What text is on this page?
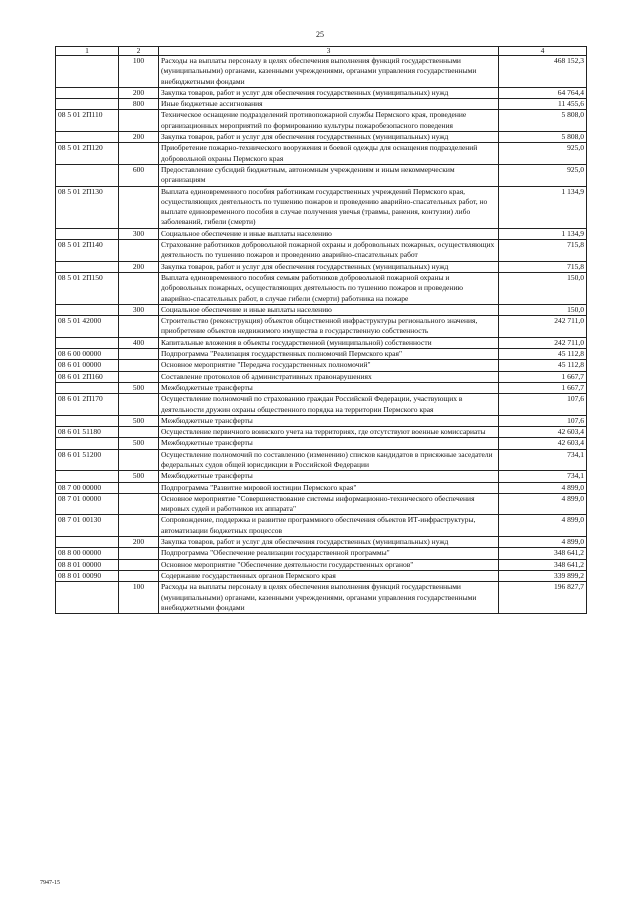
25
1	2	3	4
	100	Расходы на выплаты персоналу в целях обеспечения выполнения функций государственными (муниципальными) органами, казенными учреждениями, органами управления государственными внебюджетными фондами	468 152,3
	200	Закупка товаров, работ и услуг для обеспечения государственных (муниципальных) нужд	64 764,4
	800	Иные бюджетные ассигнования	11 455,6
08 5 01 2П110		Техническое оснащение подразделений противопожарной службы Пермского края, проведение организационных мероприятий по формированию культуры пожаробезопасного поведения	5 808,0
	200	Закупка товаров, работ и услуг для обеспечения государственных (муниципальных) нужд	5 808,0
08 5 01 2П120		Приобретение пожарно-технического вооружения и боевой одежды для оснащения подразделений добровольной охраны Пермского края	925,0
	600	Предоставление субсидий бюджетным, автономным учреждениям и иным некоммерческим организациям	925,0
08 5 01 2П130		Выплата единовременного пособия работникам государственных учреждений Пермского края, осуществляющих деятельность по тушению пожаров и проведению аварийно-спасательных работ, но выплате единовременного пособия в случае получения увечья (травмы, ранения, контузии) либо заболеваний, гибели (смерти)	1 134,9
	300	Социальное обеспечение и иные выплаты населению	1 134,9
08 5 01 2П140		Страхование работников добровольной пожарной охраны и добровольных пожарных, осуществляющих деятельность по тушению пожаров и проведению аварийно-спасательных работ	715,8
	200	Закупка товаров, работ и услуг для обеспечения государственных (муниципальных) нужд	715,8
08 5 01 2П150		Выплата единовременного пособия семьям работников добровольной пожарной охраны и добровольных пожарных, осуществляющих деятельность по тушению пожаров и проведению аварийно-спасательных работ, в случае гибели (смерти) работника на пожаре	150,0
	300	Социальное обеспечение и иные выплаты населению	150,0
08 5 01 42000		Строительство (реконструкция) объектов общественной инфраструктуры регионального значения, приобретение объектов недвижимого имущества в государственную собственность	242 711,0
	400	Капитальные вложения в объекты государственной (муниципальной) собственности	242 711,0
08 6 00 00000		Подпрограмма "Реализация государственных полномочий Пермского края"	45 112,8
08 6 01 00000		Основное мероприятие "Передача государственных полномочий"	45 112,8
08 6 01 2П160		Составление протоколов об административных правонарушениях	1 667,7
	500	Межбюджетные трансферты	1 667,7
08 6 01 2П170		Осуществление полномочий по страхованию граждан Российской Федерации, участвующих в деятельности дружин охраны общественного порядка на территории Пермского края	107,6
	500	Межбюджетные трансферты	107,6
08 6 01 51180		Осуществление первичного воинского учета на территориях, где отсутствуют военные комиссариаты	42 603,4
	500	Межбюджетные трансферты	42 603,4
08 6 01 51200		Осуществление полномочий по составлению (изменению) списков кандидатов в присяжные заседатели федеральных судов общей юрисдикции в Российской Федерации	734,1
	500	Межбюджетные трансферты	734,1
08 7 00 00000		Подпрограмма "Развитие мировой юстиции Пермского края"	4 899,0
08 7 01 00000		Основное мероприятие "Совершенствование системы информационно-технического обеспечения мировых судей и работников их аппарата"	4 899,0
08 7 01 00130		Сопровождение, поддержка и развитие программного обеспечения объектов ИТ-инфраструктуры, автоматизации бюджетных процессов	4 899,0
	200	Закупка товаров, работ и услуг для обеспечения государственных (муниципальных) нужд	4 899,0
08 8 00 00000		Подпрограмма "Обеспечение реализации государственной программы"	348 641,2
08 8 01 00000		Основное мероприятие "Обеспечение деятельности государственных органов"	348 641,2
08 8 01 00090		Содержание государственных органов Пермского края	339 899,2
	100	Расходы на выплаты персоналу в целях обеспечения выполнения функций государственными (муниципальными) органами, казенными учреждениями, органами управления государственными внебюджетными фондами	196 827,7
7947-15
